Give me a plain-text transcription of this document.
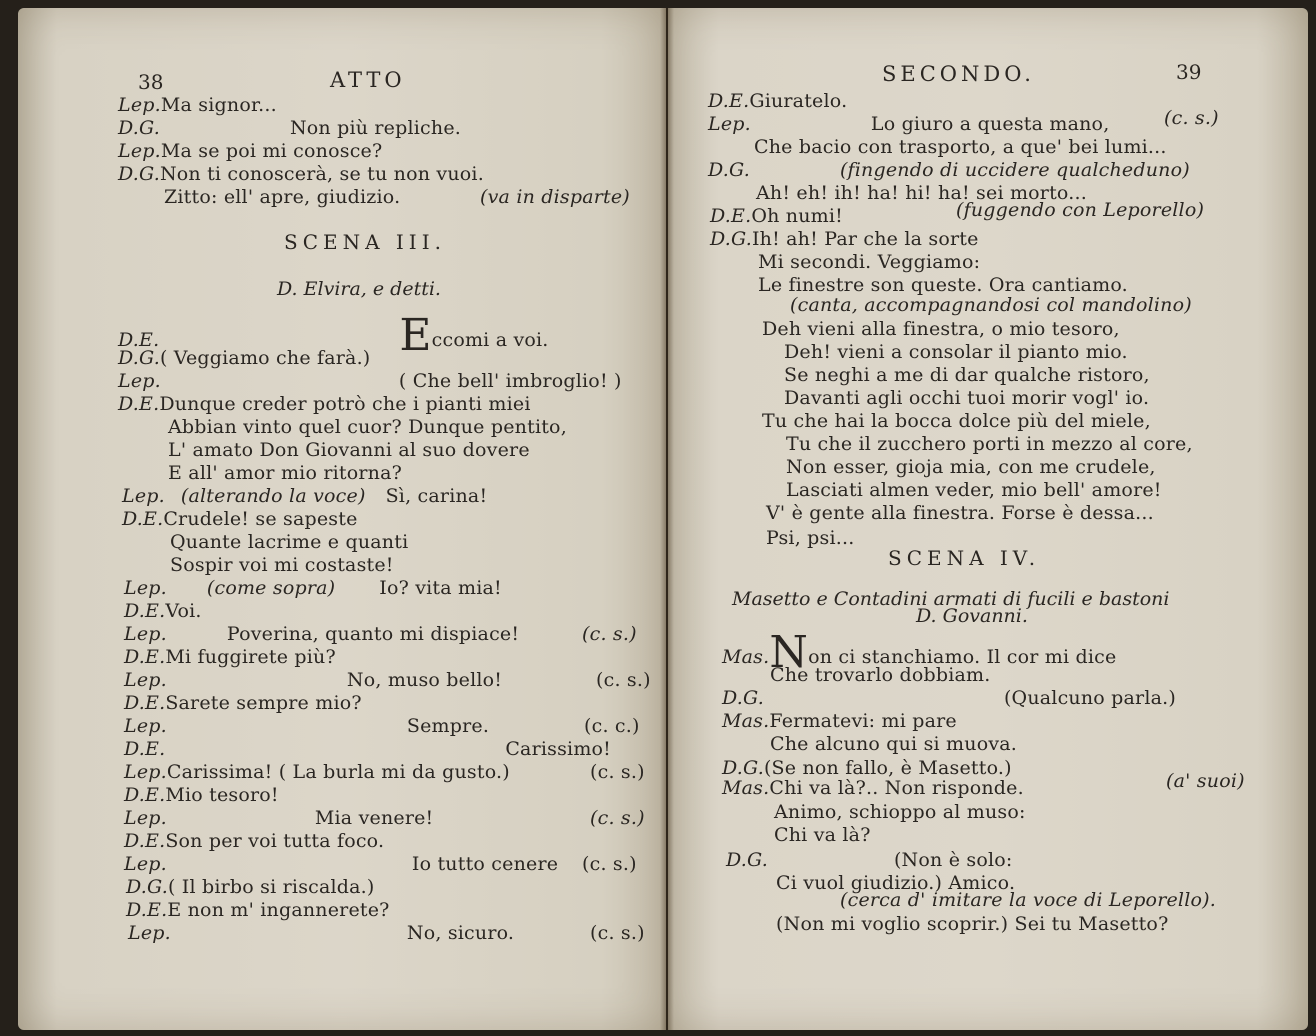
38	ATTO
Lep.Ma signor...
D.G.	Non più repliche.
Lep.Ma se poi mi conosce?
D.G.Non ti conoscerà, se tu non vuoi.
Zitto: ell' apre, giudizio.	(va in disparte)
SCENA III.
D. Elvira, e detti.
D.E.	Eccomi a voi.
D.G.( Veggiamo che farà.)
Lep.	( Che bell' imbroglio! )
D.E.Dunque creder potrò che i pianti miei
Abbian vinto quel cuor? Dunque pentito,
L' amato Don Giovanni al suo dovere
E all' amor mio ritorna?
Lep. (alterando la voce) Sì, carina!
D.E.Crudele! se sapeste
Quante lacrime e quanti
Sospir voi mi costaste!
Lep. (come sopra) Io? vita mia!
D.E.Voi.
Lep.	Poverina, quanto mi dispiace!	(c. s.)
D.E.Mi fuggirete più?
Lep.	No, muso bello!	(c. s.)
D.E.Sarete sempre mio?
Lep.	Sempre.	(c. c.)
D.E.	Carissimo!
Lep.Carissima! ( La burla mi da gusto.)	(c. s.)
D.E.Mio tesoro!
Lep.	Mia venere!	(c. s.)
D.E.Son per voi tutta foco.
Lep.	Io tutto cenere (c. s.)
D.G.( Il birbo si riscalda.)
D.E.E non m' ingannerete?
Lep.	No, sicuro.	(c. s.)
SECONDO.	39
D.E.Giuratelo.
Lep.	Lo giuro a questa mano,	(c. s.)
Che bacio con trasporto, a que' bei lumi...
D.G.	(fingendo di uccidere qualcheduno)
Ah! eh! ih! ha! hi! ha! sei morto...
D.E.Oh numi!	(fuggendo con Leporello)
D.G.Ih! ah! Par che la sorte
Mi secondi. Veggiamo:
Le finestre son queste. Ora cantiamo.
(canta, accompagnandosi col mandolino)
Deh vieni alla finestra, o mio tesoro,
Deh! vieni a consolar il pianto mio.
Se neghi a me di dar qualche ristoro,
Davanti agli occhi tuoi morir vogl' io.
Tu che hai la bocca dolce più del miele,
Tu che il zucchero porti in mezzo al core,
Non esser, gioja mia, con me crudele,
Lasciati almen veder, mio bell' amore!
V' è gente alla finestra. Forse è dessa...
Psi, psi...
SCENA IV.
Masetto e Contadini armati di fucili e bastoni
D. Govanni.
Mas.Non ci stanchiamo. Il cor mi dice
Che trovarlo dobbiam.
D.G.	(Qualcuno parla.)
Mas.Fermatevi: mi pare
Che alcuno qui si muova.
D.G.(Se non fallo, è Masetto.)
Mas.Chi va là?.. Non risponde.	(a' suoi)
Animo, schioppo al muso:
Chi va là?
D.G.	(Non è solo:
Ci vuol giudizio.) Amico.
(cerca d' imitare la voce di Leporello).
(Non mi voglio scoprir.) Sei tu Masetto?
